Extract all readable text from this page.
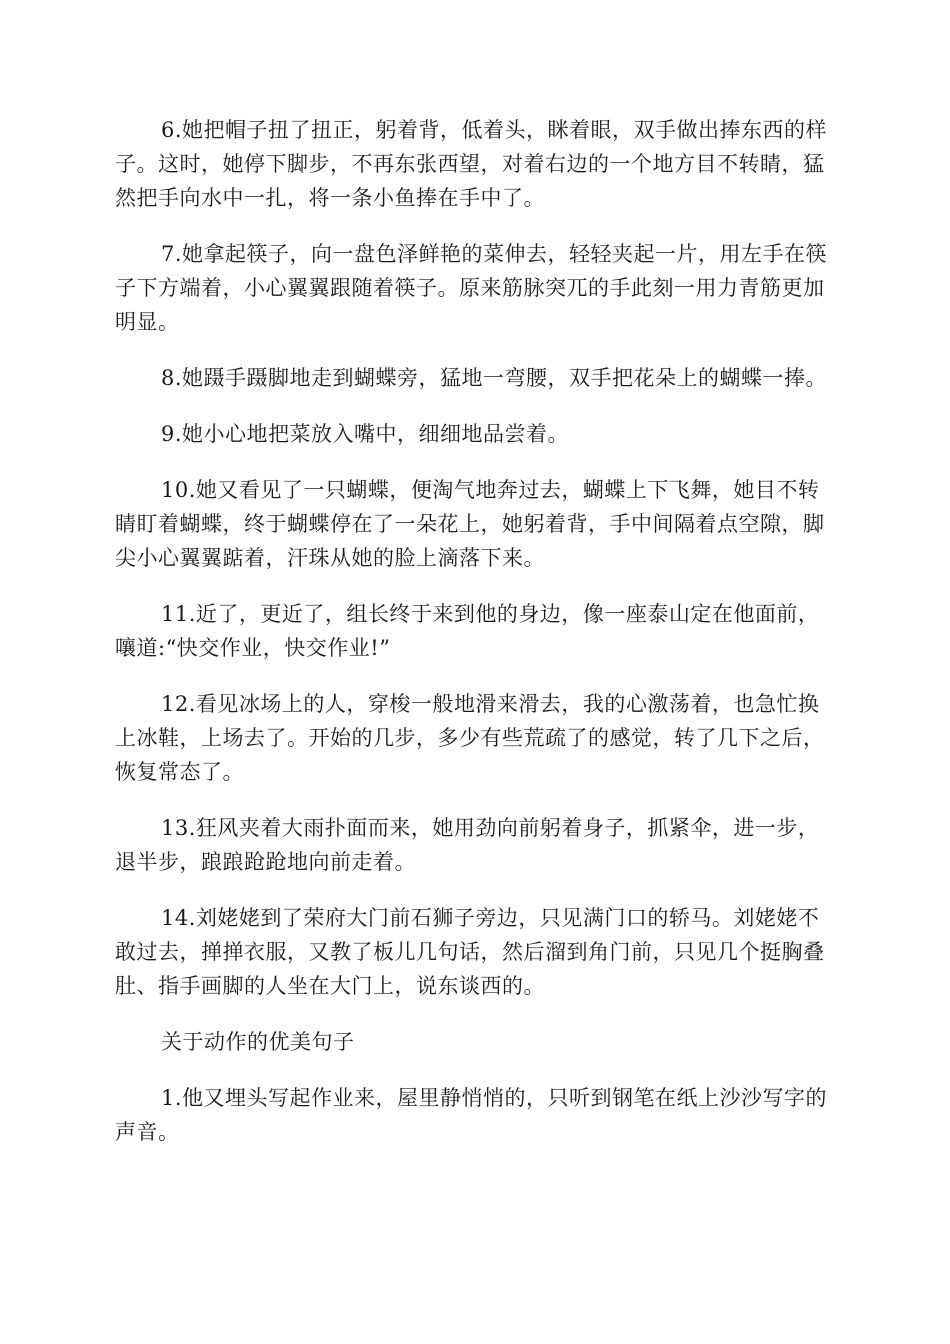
6.她把帽子扭了扭正，躬着背，低着头，眯着眼，双手做出捧东西的样子。这时，她停下脚步，不再东张西望，对着右边的一个地方目不转睛，猛然把手向水中一扎，将一条小鱼捧在手中了。

7.她拿起筷子，向一盘色泽鲜艳的菜伸去，轻轻夹起一片，用左手在筷子下方端着，小心翼翼跟随着筷子。原来筋脉突兀的手此刻一用力青筋更加明显。

8.她蹑手蹑脚地走到蝴蝶旁，猛地一弯腰，双手把花朵上的蝴蝶一捧。

9.她小心地把菜放入嘴中，细细地品尝着。

10.她又看见了一只蝴蝶，便淘气地奔过去，蝴蝶上下飞舞，她目不转睛盯着蝴蝶，终于蝴蝶停在了一朵花上，她躬着背，手中间隔着点空隙，脚尖小心翼翼踮着，汗珠从她的脸上滴落下来。

11.近了，更近了，组长终于来到他的身边，像一座泰山定在他面前，嚷道:“快交作业，快交作业!”

12.看见冰场上的人，穿梭一般地滑来滑去，我的心激荡着，也急忙换上冰鞋，上场去了。开始的几步，多少有些荒疏了的感觉，转了几下之后，恢复常态了。

13.狂风夹着大雨扑面而来，她用劲向前躬着身子，抓紧伞，进一步，退半步，踉踉跄跄地向前走着。

14.刘姥姥到了荣府大门前石狮子旁边，只见满门口的轿马。刘姥姥不敢过去，掸掸衣服，又教了板儿几句话，然后溜到角门前，只见几个挺胸叠肚、指手画脚的人坐在大门上，说东谈西的。

关于动作的优美句子

1.他又埋头写起作业来，屋里静悄悄的，只听到钢笔在纸上沙沙写字的声音。
